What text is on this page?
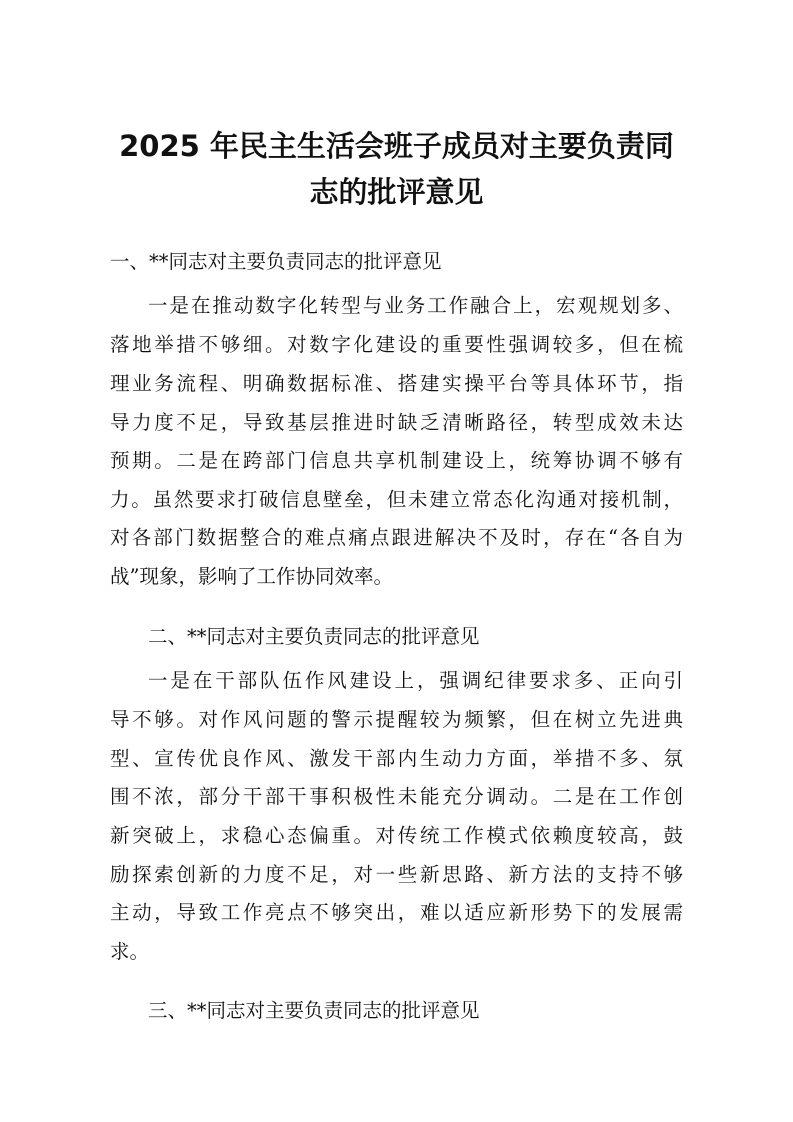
2025 年民主生活会班子成员对主要负责同
志的批评意见
一、**同志对主要负责同志的批评意见
一是在推动数字化转型与业务工作融合上，宏观规划多、
落地举措不够细。对数字化建设的重要性强调较多，但在梳
理业务流程、明确数据标准、搭建实操平台等具体环节，指
导力度不足，导致基层推进时缺乏清晰路径，转型成效未达
预期。二是在跨部门信息共享机制建设上，统筹协调不够有
力。虽然要求打破信息壁垒，但未建立常态化沟通对接机制，
对各部门数据整合的难点痛点跟进解决不及时，存在“各自为
战”现象，影响了工作协同效率。
二、**同志对主要负责同志的批评意见
一是在干部队伍作风建设上，强调纪律要求多、正向引
导不够。对作风问题的警示提醒较为频繁，但在树立先进典
型、宣传优良作风、激发干部内生动力方面，举措不多、氛
围不浓，部分干部干事积极性未能充分调动。二是在工作创
新突破上，求稳心态偏重。对传统工作模式依赖度较高，鼓
励探索创新的力度不足，对一些新思路、新方法的支持不够
主动，导致工作亮点不够突出，难以适应新形势下的发展需
求。
三、**同志对主要负责同志的批评意见
